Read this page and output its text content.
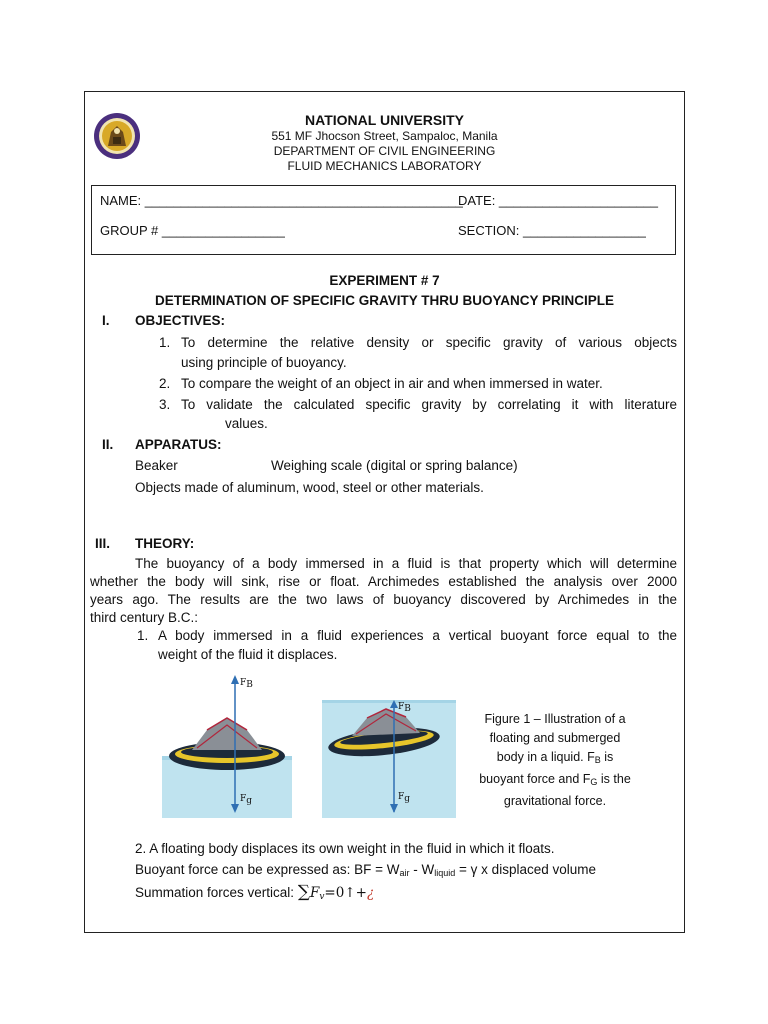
NATIONAL UNIVERSITY
551 MF Jhocson Street, Sampaloc, Manila
DEPARTMENT OF CIVIL ENGINEERING
FLUID MECHANICS LABORATORY
NAME: ____________________________________________
DATE: ______________________
GROUP # _________________	SECTION: _________________
EXPERIMENT # 7
DETERMINATION OF SPECIFIC GRAVITY THRU BUOYANCY PRINCIPLE
I. OBJECTIVES:
1. To determine the relative density or specific gravity of various objects
using principle of buoyancy.
2. To compare the weight of an object in air and when immersed in water.
3. To validate the calculated specific gravity by correlating it with literature
values.
II. APPARATUS:
Beaker	Weighing scale (digital or spring balance)
Objects made of aluminum, wood, steel or other materials.
III. THEORY:
The buoyancy of a body immersed in a fluid is that property which will determine
whether the body will sink, rise or float. Archimedes established the analysis over 2000
years ago. The results are the two laws of buoyancy discovered by Archimedes in the
third century B.C.:
1. A body immersed in a fluid experiences a vertical buoyant force equal to the
weight of the fluid it displaces.
$F_B$
$F_g$
$F_B$
$F_g$
Figure 1 – Illustration of a
floating and submerged
body in a liquid. $F_B$ is
buoyant force and $F_G$ is the
gravitational force.
2. A floating body displaces its own weight in the fluid in which it floats.
Buoyant force can be expressed as: BF = $W_{air} - W_{liquid} = \gamma$ x displaced volume
Summation forces vertical: $\sum F_v=0↑+¿$
